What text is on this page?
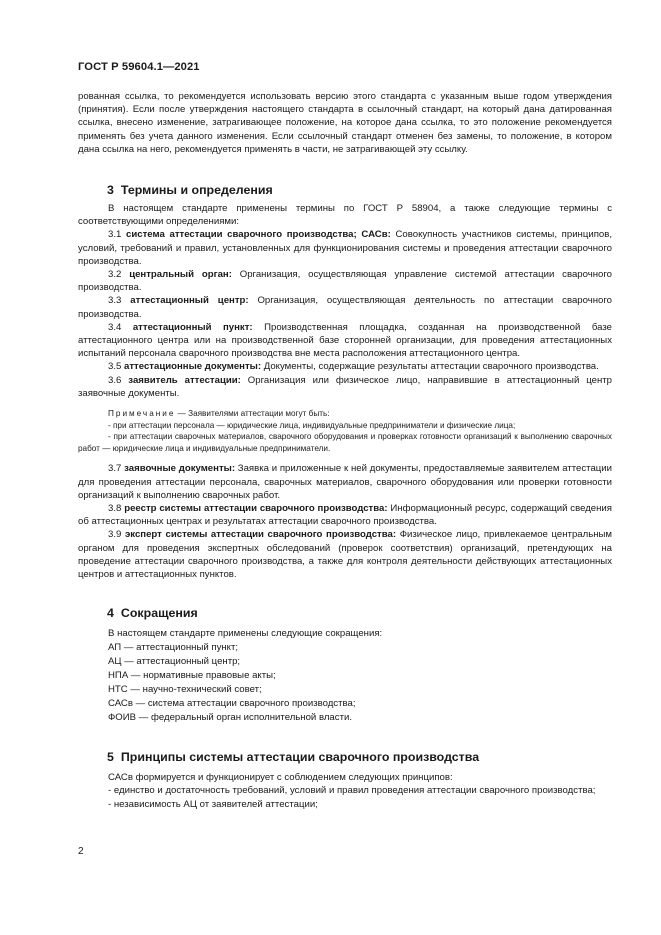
ГОСТ Р 59604.1—2021

рованная ссылка, то рекомендуется использовать версию этого стандарта с указанным выше годом утверждения (принятия). Если после утверждения настоящего стандарта в ссылочный стандарт, на который дана датированная ссылка, внесено изменение, затрагивающее положение, на которое дана ссылка, то это положение рекомендуется применять без учета данного изменения. Если ссылочный стандарт отменен без замены, то положение, в котором дана ссылка на него, рекомендуется применять в части, не затрагивающей эту ссылку.

3 Термины и определения

В настоящем стандарте применены термины по ГОСТ Р 58904, а также следующие термины с соответствующими определениями:

3.1 система аттестации сварочного производства; САСв: Совокупность участников системы, принципов, условий, требований и правил, установленных для функционирования системы и проведения аттестации сварочного производства.

3.2 центральный орган: Организация, осуществляющая управление системой аттестации сварочного производства.

3.3 аттестационный центр: Организация, осуществляющая деятельность по аттестации сварочного производства.

3.4 аттестационный пункт: Производственная площадка, созданная на производственной базе аттестационного центра или на производственной базе сторонней организации, для проведения аттестационных испытаний персонала сварочного производства вне места расположения аттестационного центра.

3.5 аттестационные документы: Документы, содержащие результаты аттестации сварочного производства.

3.6 заявитель аттестации: Организация или физическое лицо, направившие в аттестационный центр заявочные документы.

Примечание — Заявителями аттестации могут быть:

- при аттестации персонала — юридические лица, индивидуальные предприниматели и физические лица;

- при аттестации сварочных материалов, сварочного оборудования и проверках готовности организаций к выполнению сварочных работ — юридические лица и индивидуальные предприниматели.

3.7 заявочные документы: Заявка и приложенные к ней документы, предоставляемые заявителем аттестации для проведения аттестации персонала, сварочных материалов, сварочного оборудования или проверки готовности организаций к выполнению сварочных работ.

3.8 реестр системы аттестации сварочного производства: Информационный ресурс, содержащий сведения об аттестационных центрах и результатах аттестации сварочного производства.

3.9 эксперт системы аттестации сварочного производства: Физическое лицо, привлекаемое центральным органом для проведения экспертных обследований (проверок соответствия) организаций, претендующих на проведение аттестации сварочного производства, а также для контроля деятельности действующих аттестационных центров и аттестационных пунктов.

4 Сокращения

В настоящем стандарте применены следующие сокращения:

АП — аттестационный пункт;

АЦ — аттестационный центр;

НПА — нормативные правовые акты;

НТС — научно-технический совет;

САСв — система аттестации сварочного производства;

ФОИВ — федеральный орган исполнительной власти.

5 Принципы системы аттестации сварочного производства

САСв формируется и функционирует с соблюдением следующих принципов:

- единство и достаточность требований, условий и правил проведения аттестации сварочного производства;

- независимость АЦ от заявителей аттестации;

2
